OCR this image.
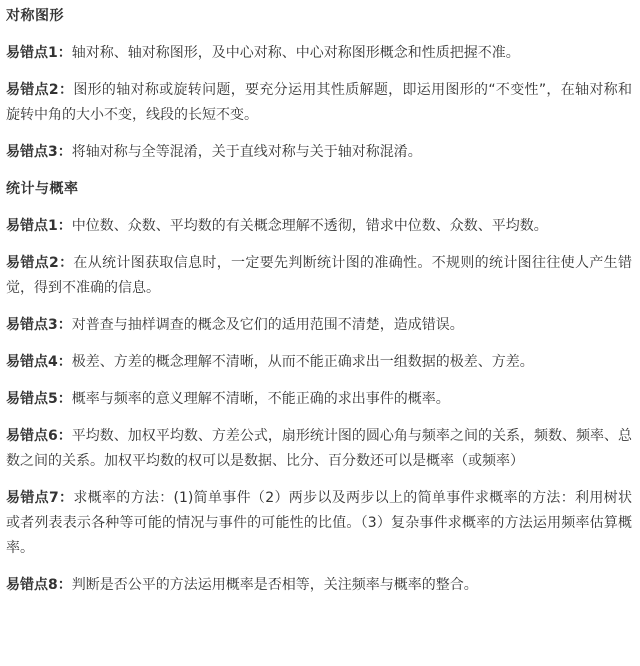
对称图形
易错点1：轴对称、轴对称图形，及中心对称、中心对称图形概念和性质把握不准。
易错点2：图形的轴对称或旋转问题，要充分运用其性质解题，即运用图形的“不变性”，在轴对称和旋转中角的大小不变，线段的长短不变。
易错点3：将轴对称与全等混淆，关于直线对称与关于轴对称混淆。
统计与概率
易错点1：中位数、众数、平均数的有关概念理解不透彻，错求中位数、众数、平均数。
易错点2：在从统计图获取信息时，一定要先判断统计图的准确性。不规则的统计图往往使人产生错觉，得到不准确的信息。
易错点3：对普查与抽样调查的概念及它们的适用范围不清楚，造成错误。
易错点4：极差、方差的概念理解不清晰，从而不能正确求出一组数据的极差、方差。
易错点5：概率与频率的意义理解不清晰，不能正确的求出事件的概率。
易错点6：平均数、加权平均数、方差公式，扇形统计图的圆心角与频率之间的关系，频数、频率、总数之间的关系。加权平均数的权可以是数据、比分、百分数还可以是概率（或频率）
易错点7：求概率的方法：(1)简单事件（2）两步以及两步以上的简单事件求概率的方法：利用树状或者列表表示各种等可能的情况与事件的可能性的比值。（3）复杂事件求概率的方法运用频率估算概率。
易错点8：判断是否公平的方法运用概率是否相等，关注频率与概率的整合。
